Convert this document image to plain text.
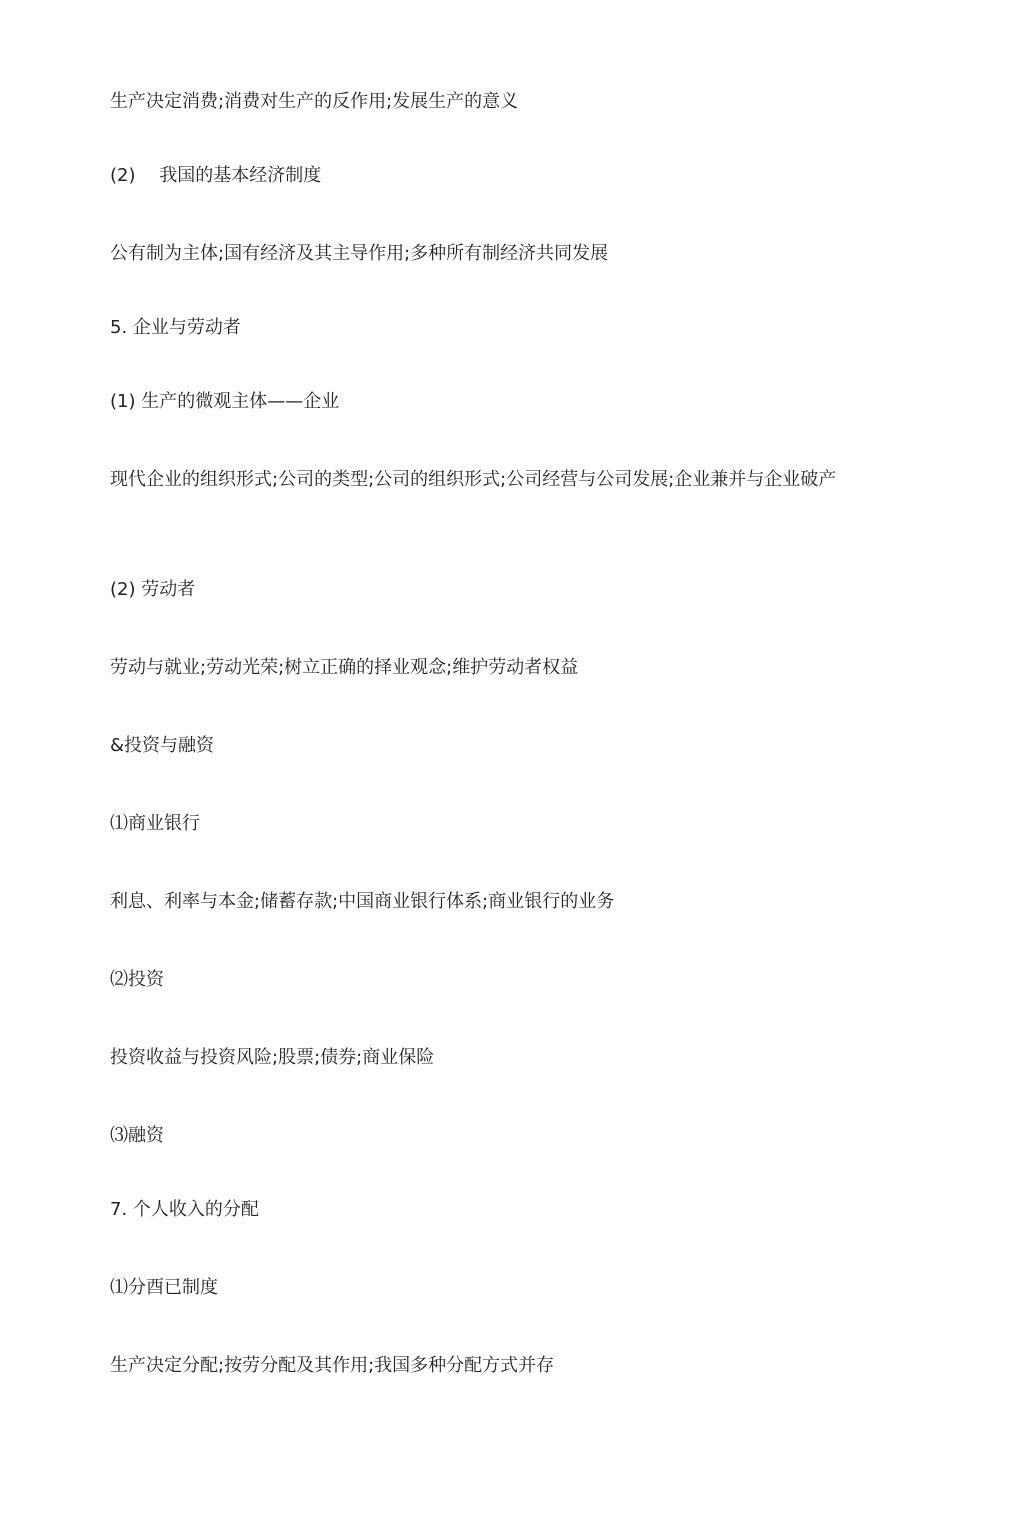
生产决定消费;消费对生产的反作用;发展生产的意义
(2)　 我国的基本经济制度
公有制为主体;国有经济及其主导作用;多种所有制经济共同发展
5. 企业与劳动者
(1) 生产的微观主体——企业
现代企业的组织形式;公司的类型;公司的组织形式;公司经营与公司发展;企业兼并与企业破产
(2) 劳动者
劳动与就业;劳动光荣;树立正确的择业观念;维护劳动者权益
&投资与融资
⑴商业银行
利息、利率与本金;储蓄存款;中国商业银行体系;商业银行的业务
⑵投资
投资收益与投资风险;股票;债券;商业保险
⑶融资
7. 个人收入的分配
⑴分酉已制度
生产决定分配;按劳分配及其作用;我国多种分配方式并存
